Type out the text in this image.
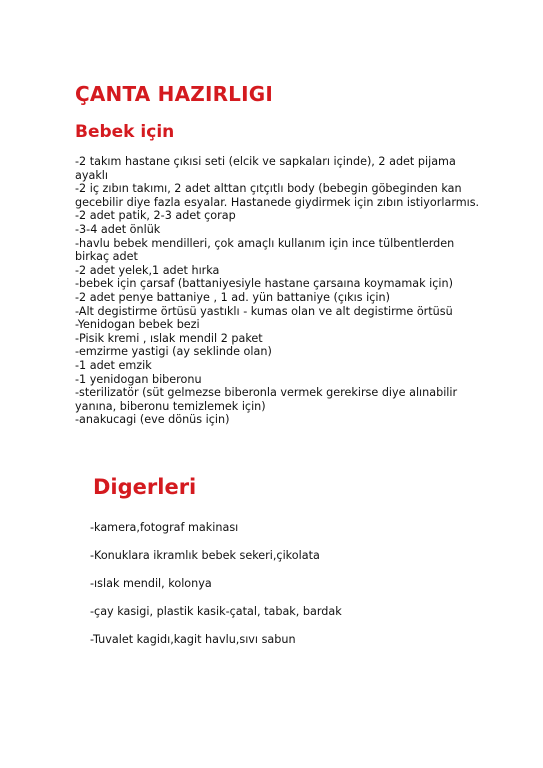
ÇANTA HAZIRLIGI
Bebek için
-2 takım hastane çıkısi seti (elcik ve sapkaları içinde), 2 adet pijama ayaklı
-2 iç zıbın takımı, 2 adet alttan çıtçıtlı body (bebegin göbeginden kan gecebilir diye fazla esyalar. Hastanede giydirmek için zıbın istiyorlarmıs.
-2 adet patik, 2-3 adet çorap
-3-4 adet önlük
-havlu bebek mendilleri, çok amaçlı kullanım için ince tülbentlerden birkaç adet
-2 adet yelek,1 adet hırka
-bebek için çarsaf (battaniyesiyle hastane çarsaına koymamak için)
-2 adet penye battaniye , 1 ad. yün battaniye (çıkıs için)
-Alt degistirme örtüsü yastıklı - kumas olan ve alt degistirme örtüsü
-Yenidogan bebek bezi
-Pisik kremi , ıslak mendil 2 paket
-emzirme yastigi (ay seklinde olan)
-1 adet emzik
-1 yenidogan biberonu
-sterilizatör (süt gelmezse biberonla vermek gerekirse diye alınabilir yanına, biberonu temizlemek için)
-anakucagi (eve dönüs için)
Digerleri
-kamera,fotograf makinası
-Konuklara ikramlık bebek sekeri,çikolata
-ıslak mendil, kolonya
-çay kasigi, plastik kasik-çatal, tabak, bardak
-Tuvalet kagidı,kagit havlu,sıvı sabun
